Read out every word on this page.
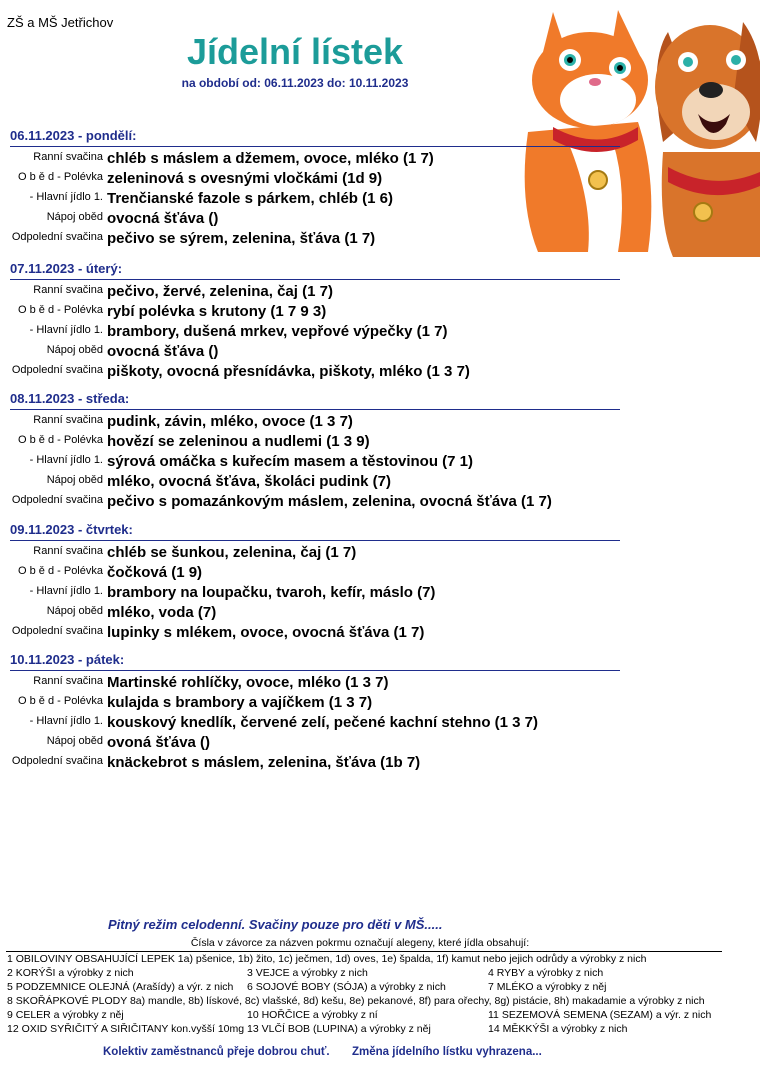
ZŠ a MŠ Jetřichov
Jídelní lístek
na období od: 06.11.2023 do: 10.11.2023
06.11.2023 - pondělí:
Ranní svačina chléb s máslem a džemem, ovoce, mléko (1 7)
O b ě d - Polévka zeleninová s ovesnými vločkámi (1d 9)
- Hlavní jídlo 1. Trenčianské fazole s párkem, chléb (1 6)
Nápoj oběd ovocná šťáva ()
Odpolední svačina pečivo se sýrem, zelenina, šťáva (1 7)
07.11.2023 - úterý:
Ranní svačina pečivo, žervé, zelenina, čaj (1 7)
O b ě d - Polévka rybí polévka s krutony (1 7 9 3)
- Hlavní jídlo 1. brambory, dušená mrkev, vepřové výpečky (1 7)
Nápoj oběd ovocná šťáva ()
Odpolední svačina piškoty, ovocná přesnídávka, piškoty, mléko (1 3 7)
08.11.2023 - středa:
Ranní svačina pudink, závin, mléko, ovoce (1 3 7)
O b ě d - Polévka hovězí se zeleninou a nudlemi (1 3 9)
- Hlavní jídlo 1. sýrová omáčka s kuřecím masem a těstovinou (7 1)
Nápoj oběd mléko, ovocná šťáva, školáci pudink (7)
Odpolední svačina pečivo s pomazánkovým máslem, zelenina, ovocná šťáva (1 7)
09.11.2023 - čtvrtek:
Ranní svačina chléb se šunkou, zelenina, čaj (1 7)
O b ě d - Polévka čočková (1 9)
- Hlavní jídlo 1. brambory na loupačku, tvaroh, kefír, máslo (7)
Nápoj oběd mléko, voda (7)
Odpolední svačina lupinky s mlékem, ovoce, ovocná šťáva (1 7)
10.11.2023 - pátek:
Ranní svačina Martinské rohlíčky, ovoce, mléko (1 3 7)
O b ě d - Polévka kulajda s brambory a vajíčkem (1 3 7)
- Hlavní jídlo 1. kouskový knedlík, červené zelí, pečené kachní stehno (1 3 7)
Nápoj oběd ovoná šťáva ()
Odpolední svačina knäckebrot s máslem, zelenina, šťáva (1b 7)
Pitný režim celodenní. Svačiny pouze pro děti v MŠ.....
Čísla v závorce za názven pokrmu označují alegeny, které jídla obsahují:
1 OBILOVINY OBSAHUJÍCÍ LEPEK 1a) pšenice, 1b) žito, 1c) ječmen, 1d) oves, 1e) špalda, 1f) kamut nebo jejich odrůdy a výrobky z nich
2 KORÝŠI a výrobky z nich	3 VEJCE a výrobky z nich	4 RYBY a výrobky z nich
5 PODZEMNICE OLEJNÁ (Arašídy) a výr. z nich 6 SOJOVÉ BOBY (SÓJA) a výrobky z nich	7 MLÉKO a výrobky z něj
8 SKOŘÁPKOVÉ PLODY 8a) mandle, 8b) lískové, 8c) vlašské, 8d) kešu, 8e) pekanové, 8f) para ořechy, 8g) pistácie, 8h) makadamie a výrobky z nich
9 CELER a výrobky z něj	10 HOŘČICE a výrobky z ní	11 SEZEMOVÁ SEMENA (SEZAM) a výr. z nich
12 OXID SYŘIČITÝ A SIŘIČITANY kon.vyšší 10mg 13 VLČÍ BOB (LUPINA) a výrobky z něj	14 MĚKKÝŠI a výrobky z nich
Kolektiv zaměstnanců přeje dobrou chuť. Změna jídelního lístku vyhrazena...
